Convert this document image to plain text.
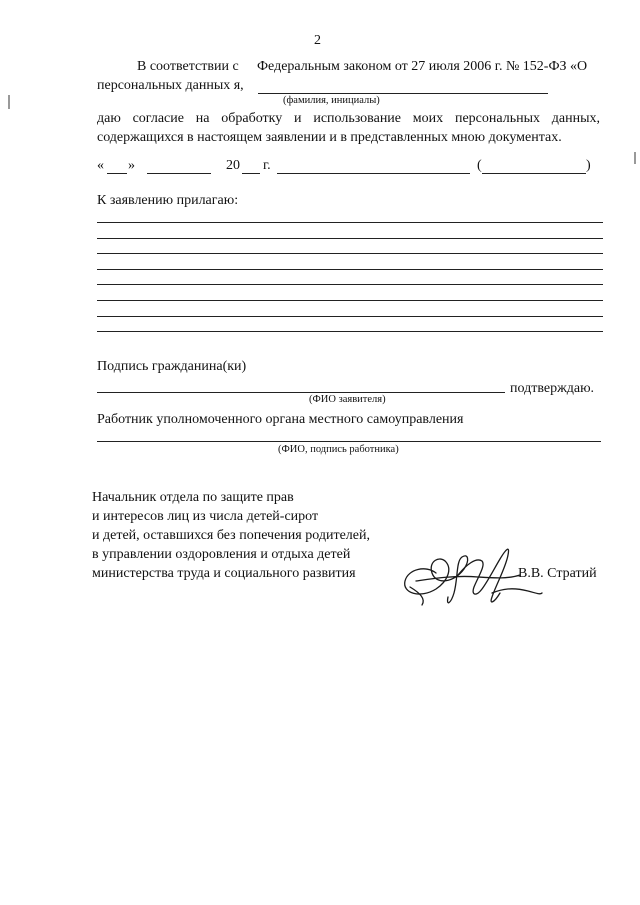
2
В соответствии с Федеральным законом от 27 июля 2006 г. № 152-ФЗ «О
персональных данных я,
(фамилия, инициалы)
даю согласие на обработку и использование моих персональных данных,
содержащихся в настоящем заявлении и в представленных мною документах.
« »	20 г.	(	)
К заявлению прилагаю:
Подпись гражданина(ки)
подтверждаю.
(ФИО заявителя)
Работник уполномоченного органа местного самоуправления
(ФИО, подпись работника)
Начальник отдела по защите прав
и интересов лиц из числа детей-сирот
и детей, оставшихся без попечения родителей,
в управлении оздоровления и отдыха детей
министерства труда и социального развития	В.В. Стратий
